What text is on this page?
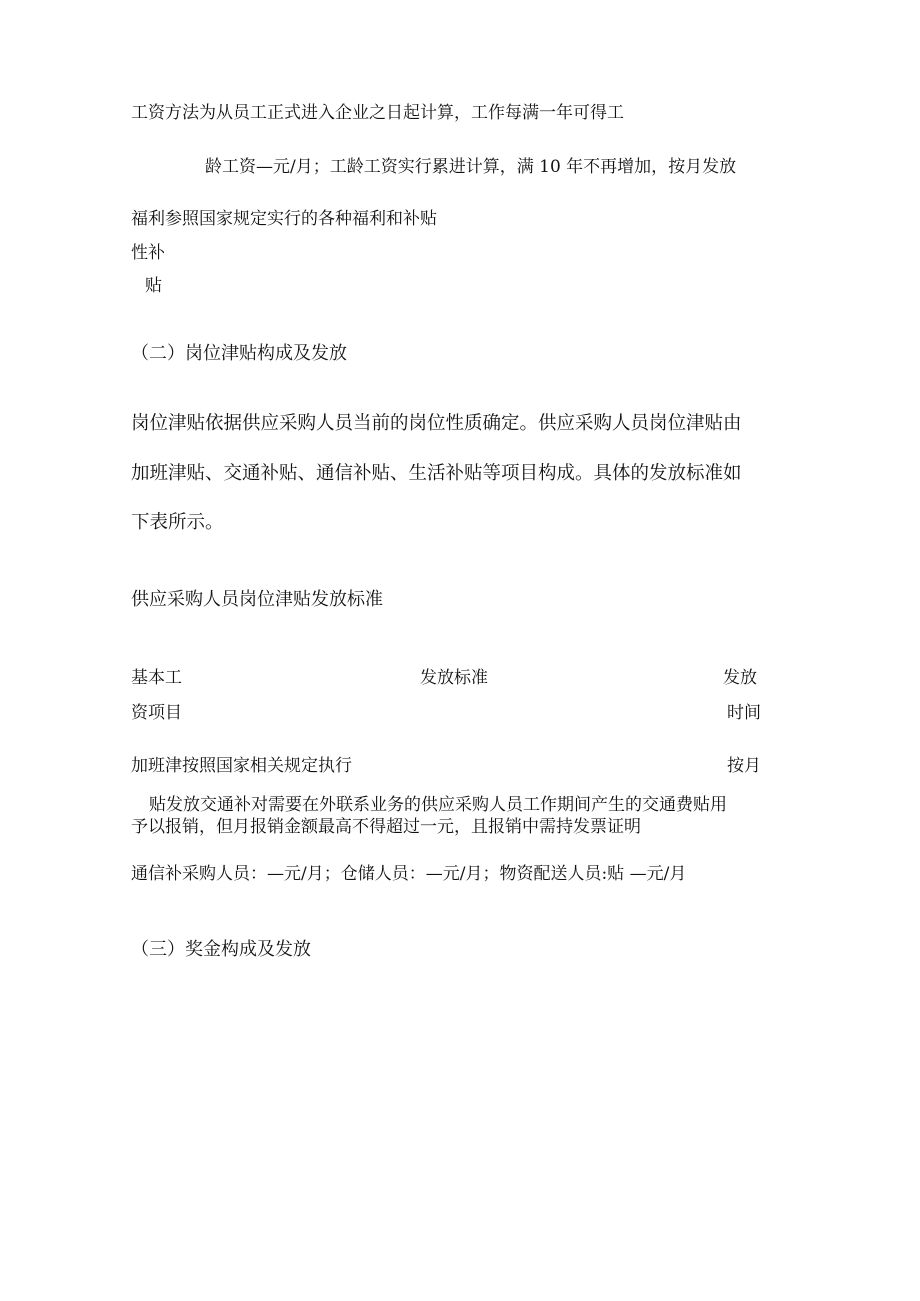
工资方法为从员工正式进入企业之日起计算，工作每满一年可得工
龄工资—元/月；工龄工资实行累进计算，满 10 年不再增加，按月发放
福利参照国家规定实行的各种福利和补贴
性补
贴
（二）岗位津贴构成及发放
岗位津贴依据供应采购人员当前的岗位性质确定。供应采购人员岗位津贴由
加班津贴、交通补贴、通信补贴、生活补贴等项目构成。具体的发放标准如
下表所示。
供应采购人员岗位津贴发放标准
基本工
资项目
发放标准	发放
时间
加班津按照国家相关规定执行	按月
贴发放交通补对需要在外联系业务的供应采购人员工作期间产生的交通费贴用
予以报销，但月报销金额最高不得超过一元，且报销中需持发票证明
通信补采购人员：—元/月；仓储人员：—元/月；物资配送人员:贴 —元/月
（三）奖金构成及发放
